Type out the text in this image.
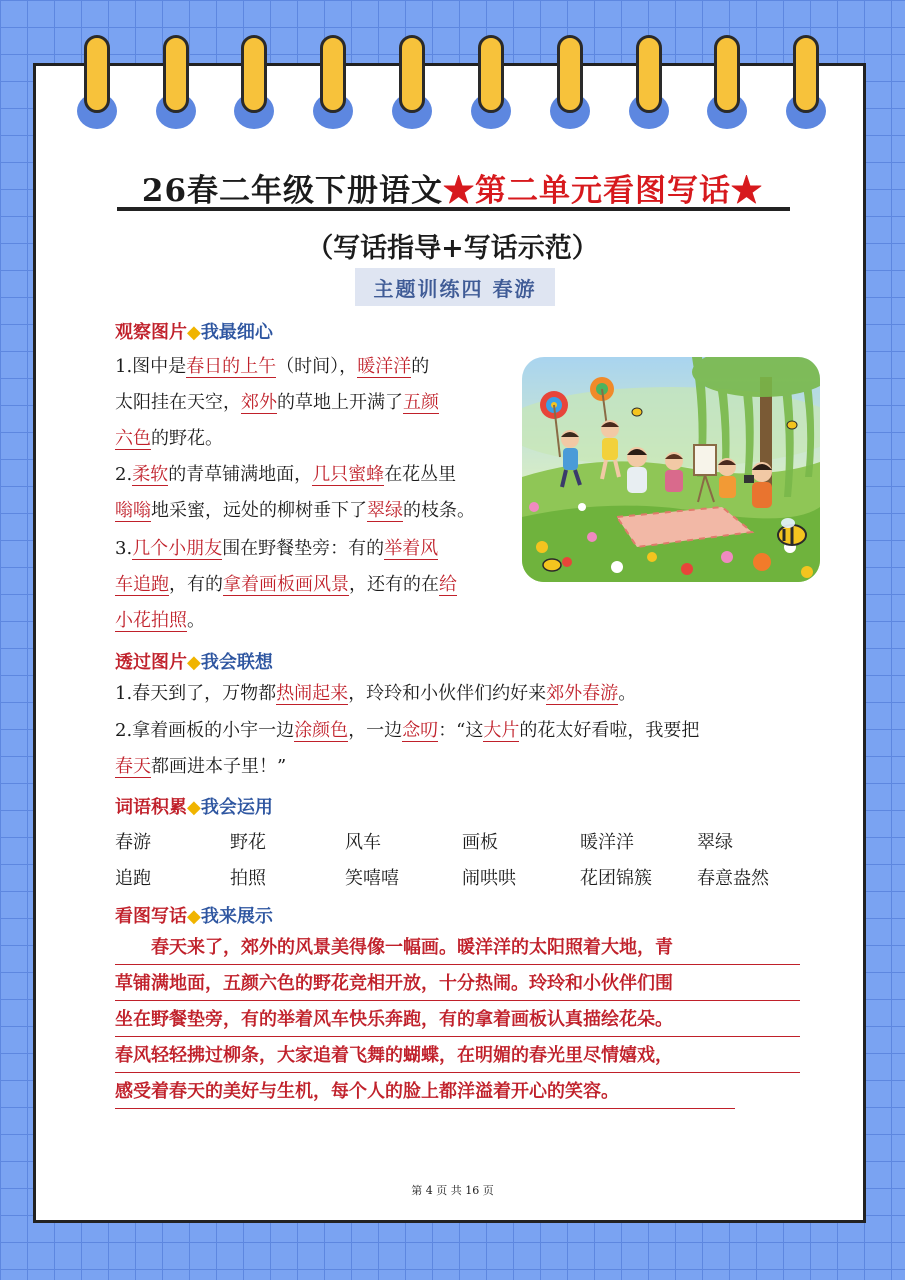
26春二年级下册语文★第二单元看图写话★
（写话指导+写话示范）
主题训练四 春游
观察图片◆我最细心
1.图中是春日的上午（时间），暖洋洋的
太阳挂在天空，郊外的草地上开满了五颜
六色的野花。
2.柔软的青草铺满地面，几只蜜蜂在花丛里
嗡嗡地采蜜，远处的柳树垂下了翠绿的枝条。
3.几个小朋友围在野餐垫旁：有的举着风
车追跑，有的拿着画板画风景，还有的在给
小花拍照。
透过图片◆我会联想
1.春天到了，万物都热闹起来，玲玲和小伙伴们约好来郊外春游。
2.拿着画板的小宇一边涂颜色，一边念叨：“这大片的花太好看啦，我要把
春天都画进本子里！”
词语积累◆我会运用
春游	野花	风车	画板	暖洋洋	翠绿
追跑	拍照	笑嘻嘻	闹哄哄	花团锦簇	春意盎然
看图写话◆我来展示
　　春天来了，郊外的风景美得像一幅画。暖洋洋的太阳照着大地，青
草铺满地面，五颜六色的野花竞相开放，十分热闹。玲玲和小伙伴们围
坐在野餐垫旁，有的举着风车快乐奔跑，有的拿着画板认真描绘花朵。
春风轻轻拂过柳条，大家追着飞舞的蝴蝶，在明媚的春光里尽情嬉戏，
感受着春天的美好与生机，每个人的脸上都洋溢着开心的笑容。
第 4 页 共 16 页
